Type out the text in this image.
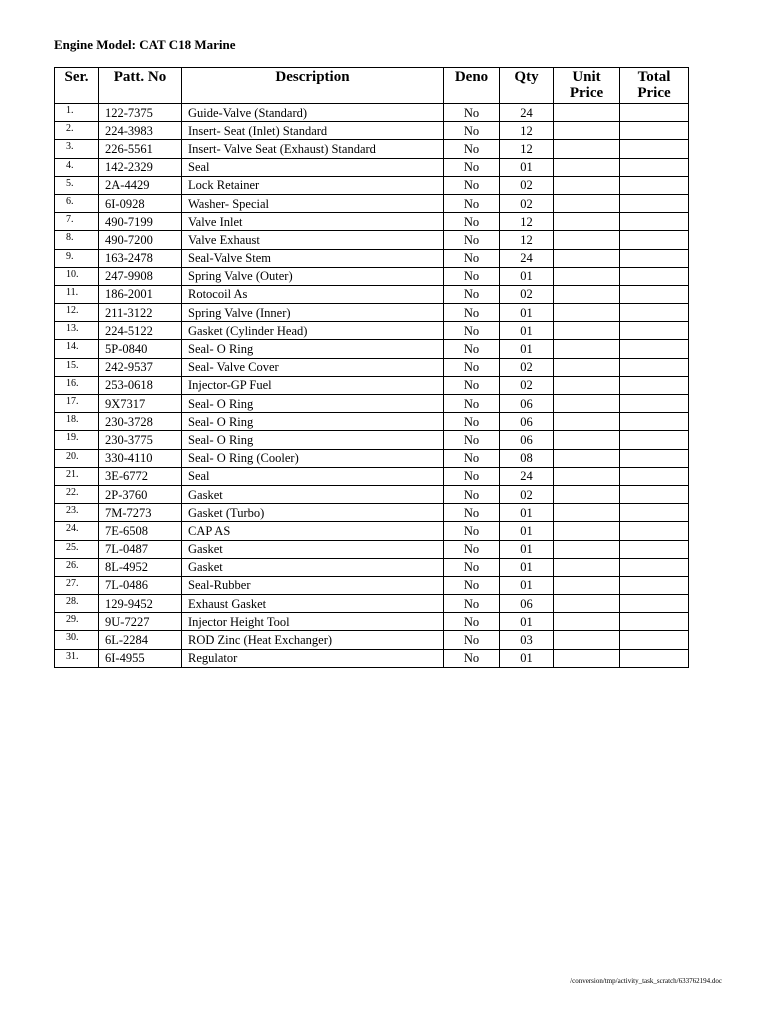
Engine Model: CAT C18 Marine
Ser.	Patt. No	Description	Deno	Qty	Unit Price	Total Price
1.	122-7375	Guide-Valve (Standard)	No	24		
2.	224-3983	Insert- Seat (Inlet) Standard	No	12		
3.	226-5561	Insert- Valve Seat (Exhaust) Standard	No	12		
4.	142-2329	Seal	No	01		
5.	2A-4429	Lock Retainer	No	02		
6.	6I-0928	Washer- Special	No	02		
7.	490-7199	Valve Inlet	No	12		
8.	490-7200	Valve Exhaust	No	12		
9.	163-2478	Seal-Valve Stem	No	24		
10.	247-9908	Spring Valve (Outer)	No	01		
11.	186-2001	Rotocoil As	No	02		
12.	211-3122	Spring Valve (Inner)	No	01		
13.	224-5122	Gasket (Cylinder Head)	No	01		
14.	5P-0840	Seal- O Ring	No	01		
15.	242-9537	Seal- Valve Cover	No	02		
16.	253-0618	Injector-GP Fuel	No	02		
17.	9X7317	Seal- O Ring	No	06		
18.	230-3728	Seal- O Ring	No	06		
19.	230-3775	Seal- O Ring	No	06		
20.	330-4110	Seal- O Ring (Cooler)	No	08		
21.	3E-6772	Seal	No	24		
22.	2P-3760	Gasket	No	02		
23.	7M-7273	Gasket (Turbo)	No	01		
24.	7E-6508	CAP AS	No	01		
25.	7L-0487	Gasket	No	01		
26.	8L-4952	Gasket	No	01		
27.	7L-0486	Seal-Rubber	No	01		
28.	129-9452	Exhaust Gasket	No	06		
29.	9U-7227	Injector Height Tool	No	01		
30.	6L-2284	ROD Zinc (Heat Exchanger)	No	03		
31.	6I-4955	Regulator	No	01		
/conversion/tmp/activity_task_scratch/633762194.doc
